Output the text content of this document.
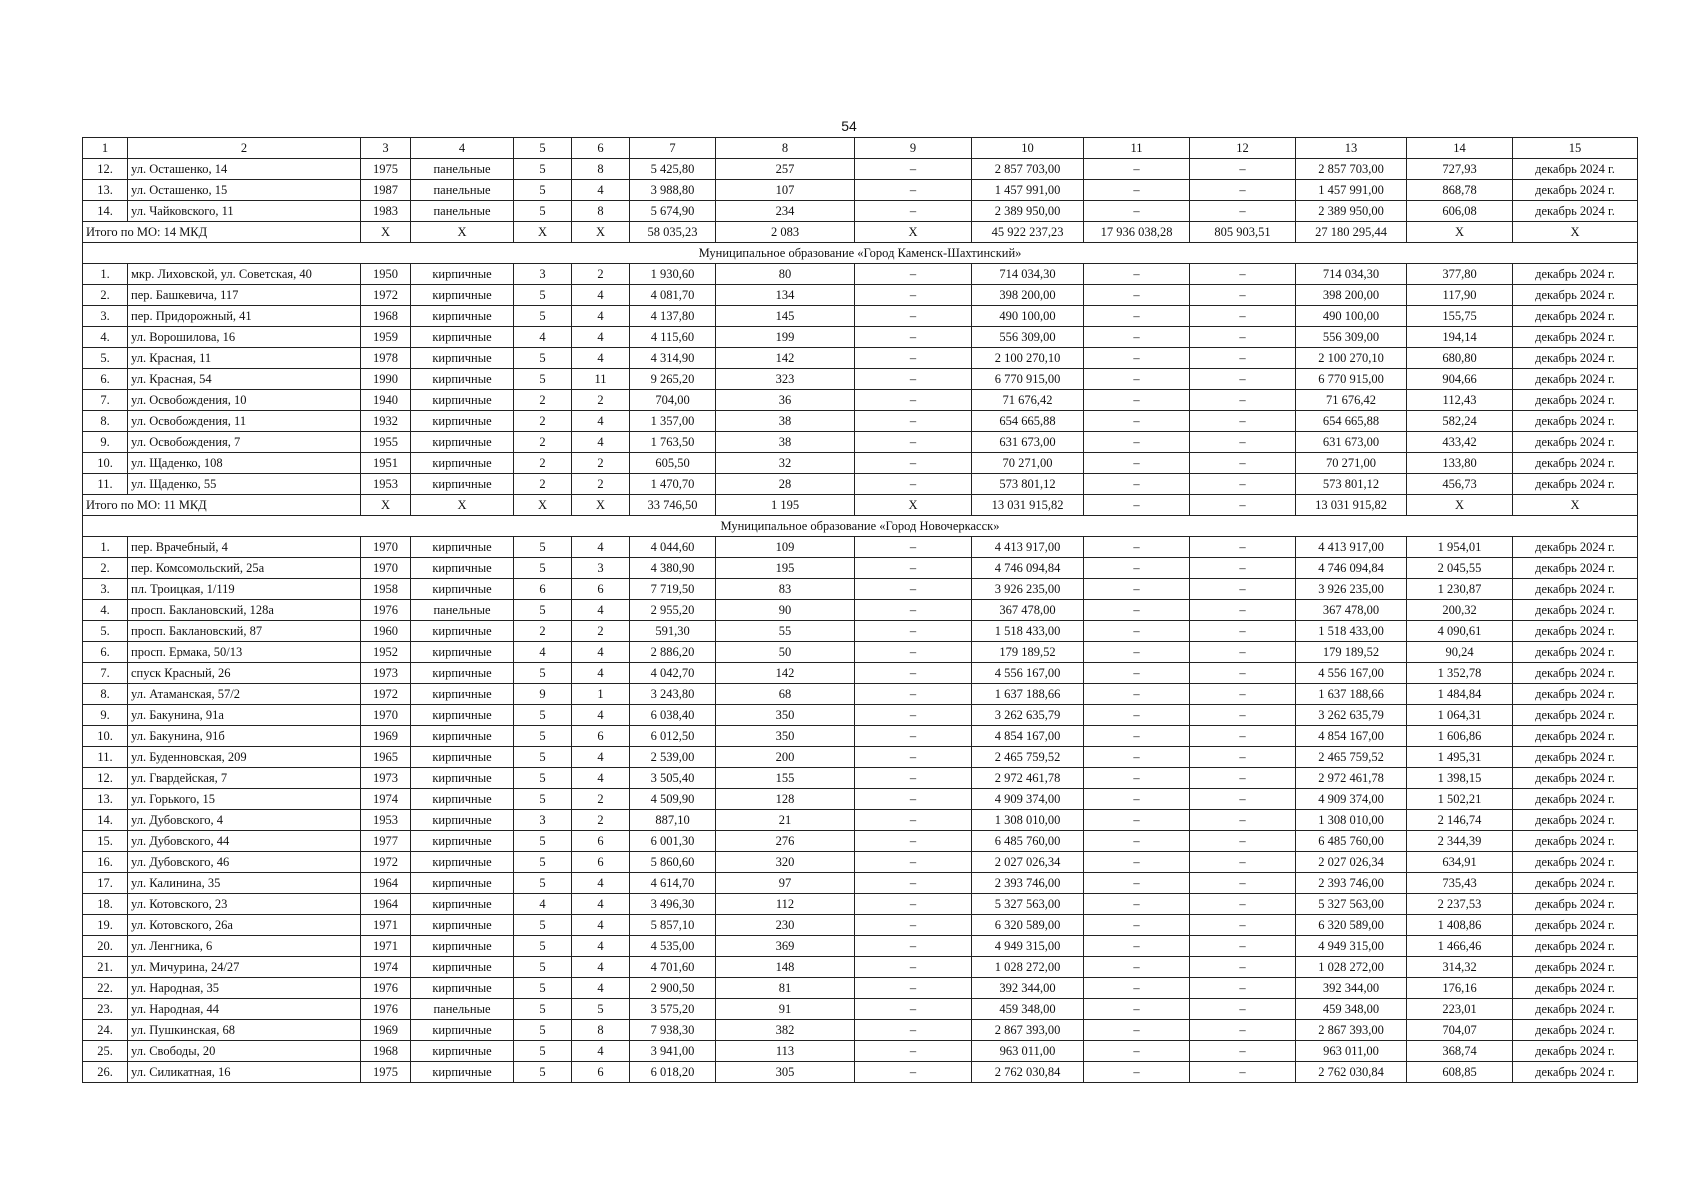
54
1	2	3	4	5	6	7	8	9	10	11	12	13	14	15
12.	ул. Осташенко, 14	1975	панельные	5	8	5 425,80	257	–	2 857 703,00	–	–	2 857 703,00	727,93	декабрь 2024 г.
13.	ул. Осташенко, 15	1987	панельные	5	4	3 988,80	107	–	1 457 991,00	–	–	1 457 991,00	868,78	декабрь 2024 г.
14.	ул. Чайковского, 11	1983	панельные	5	8	5 674,90	234	–	2 389 950,00	–	–	2 389 950,00	606,08	декабрь 2024 г.
Итого по МО: 14 МКД		X	X	X	X	58 035,23	2 083	X	45 922 237,23	17 936 038,28	805 903,51	27 180 295,44	X	X
Муниципальное образование «Город Каменск-Шахтинский»														
1.	мкр. Лиховской, ул. Советская, 40	1950	кирпичные	3	2	1 930,60	80	–	714 034,30	–	–	714 034,30	377,80	декабрь 2024 г.
2.	пер. Башкевича, 117	1972	кирпичные	5	4	4 081,70	134	–	398 200,00	–	–	398 200,00	117,90	декабрь 2024 г.
3.	пер. Придорожный, 41	1968	кирпичные	5	4	4 137,80	145	–	490 100,00	–	–	490 100,00	155,75	декабрь 2024 г.
4.	ул. Ворошилова, 16	1959	кирпичные	4	4	4 115,60	199	–	556 309,00	–	–	556 309,00	194,14	декабрь 2024 г.
5.	ул. Красная, 11	1978	кирпичные	5	4	4 314,90	142	–	2 100 270,10	–	–	2 100 270,10	680,80	декабрь 2024 г.
6.	ул. Красная, 54	1990	кирпичные	5	11	9 265,20	323	–	6 770 915,00	–	–	6 770 915,00	904,66	декабрь 2024 г.
7.	ул. Освобождения, 10	1940	кирпичные	2	2	704,00	36	–	71 676,42	–	–	71 676,42	112,43	декабрь 2024 г.
8.	ул. Освобождения, 11	1932	кирпичные	2	4	1 357,00	38	–	654 665,88	–	–	654 665,88	582,24	декабрь 2024 г.
9.	ул. Освобождения, 7	1955	кирпичные	2	4	1 763,50	38	–	631 673,00	–	–	631 673,00	433,42	декабрь 2024 г.
10.	ул. Щаденко, 108	1951	кирпичные	2	2	605,50	32	–	70 271,00	–	–	70 271,00	133,80	декабрь 2024 г.
11.	ул. Щаденко, 55	1953	кирпичные	2	2	1 470,70	28	–	573 801,12	–	–	573 801,12	456,73	декабрь 2024 г.
Итого по МО: 11 МКД		X	X	X	X	33 746,50	1 195	X	13 031 915,82	–	–	13 031 915,82	X	X
Муниципальное образование «Город Новочеркасск»														
1.	пер. Врачебный, 4	1970	кирпичные	5	4	4 044,60	109	–	4 413 917,00	–	–	4 413 917,00	1 954,01	декабрь 2024 г.
2.	пер. Комсомольский, 25а	1970	кирпичные	5	3	4 380,90	195	–	4 746 094,84	–	–	4 746 094,84	2 045,55	декабрь 2024 г.
3.	пл. Троицкая, 1/119	1958	кирпичные	6	6	7 719,50	83	–	3 926 235,00	–	–	3 926 235,00	1 230,87	декабрь 2024 г.
4.	просп. Баклановский, 128а	1976	панельные	5	4	2 955,20	90	–	367 478,00	–	–	367 478,00	200,32	декабрь 2024 г.
5.	просп. Баклановский, 87	1960	кирпичные	2	2	591,30	55	–	1 518 433,00	–	–	1 518 433,00	4 090,61	декабрь 2024 г.
6.	просп. Ермака, 50/13	1952	кирпичные	4	4	2 886,20	50	–	179 189,52	–	–	179 189,52	90,24	декабрь 2024 г.
7.	спуск Красный, 26	1973	кирпичные	5	4	4 042,70	142	–	4 556 167,00	–	–	4 556 167,00	1 352,78	декабрь 2024 г.
8.	ул. Атаманская, 57/2	1972	кирпичные	9	1	3 243,80	68	–	1 637 188,66	–	–	1 637 188,66	1 484,84	декабрь 2024 г.
9.	ул. Бакунина, 91а	1970	кирпичные	5	4	6 038,40	350	–	3 262 635,79	–	–	3 262 635,79	1 064,31	декабрь 2024 г.
10.	ул. Бакунина, 91б	1969	кирпичные	5	6	6 012,50	350	–	4 854 167,00	–	–	4 854 167,00	1 606,86	декабрь 2024 г.
11.	ул. Буденновская, 209	1965	кирпичные	5	4	2 539,00	200	–	2 465 759,52	–	–	2 465 759,52	1 495,31	декабрь 2024 г.
12.	ул. Гвардейская, 7	1973	кирпичные	5	4	3 505,40	155	–	2 972 461,78	–	–	2 972 461,78	1 398,15	декабрь 2024 г.
13.	ул. Горького, 15	1974	кирпичные	5	2	4 509,90	128	–	4 909 374,00	–	–	4 909 374,00	1 502,21	декабрь 2024 г.
14.	ул. Дубовского, 4	1953	кирпичные	3	2	887,10	21	–	1 308 010,00	–	–	1 308 010,00	2 146,74	декабрь 2024 г.
15.	ул. Дубовского, 44	1977	кирпичные	5	6	6 001,30	276	–	6 485 760,00	–	–	6 485 760,00	2 344,39	декабрь 2024 г.
16.	ул. Дубовского, 46	1972	кирпичные	5	6	5 860,60	320	–	2 027 026,34	–	–	2 027 026,34	634,91	декабрь 2024 г.
17.	ул. Калинина, 35	1964	кирпичные	5	4	4 614,70	97	–	2 393 746,00	–	–	2 393 746,00	735,43	декабрь 2024 г.
18.	ул. Котовского, 23	1964	кирпичные	4	4	3 496,30	112	–	5 327 563,00	–	–	5 327 563,00	2 237,53	декабрь 2024 г.
19.	ул. Котовского, 26а	1971	кирпичные	5	4	5 857,10	230	–	6 320 589,00	–	–	6 320 589,00	1 408,86	декабрь 2024 г.
20.	ул. Ленгника, 6	1971	кирпичные	5	4	4 535,00	369	–	4 949 315,00	–	–	4 949 315,00	1 466,46	декабрь 2024 г.
21.	ул. Мичурина, 24/27	1974	кирпичные	5	4	4 701,60	148	–	1 028 272,00	–	–	1 028 272,00	314,32	декабрь 2024 г.
22.	ул. Народная, 35	1976	кирпичные	5	4	2 900,50	81	–	392 344,00	–	–	392 344,00	176,16	декабрь 2024 г.
23.	ул. Народная, 44	1976	панельные	5	5	3 575,20	91	–	459 348,00	–	–	459 348,00	223,01	декабрь 2024 г.
24.	ул. Пушкинская, 68	1969	кирпичные	5	8	7 938,30	382	–	2 867 393,00	–	–	2 867 393,00	704,07	декабрь 2024 г.
25.	ул. Свободы, 20	1968	кирпичные	5	4	3 941,00	113	–	963 011,00	–	–	963 011,00	368,74	декабрь 2024 г.
26.	ул. Силикатная, 16	1975	кирпичные	5	6	6 018,20	305	–	2 762 030,84	–	–	2 762 030,84	608,85	декабрь 2024 г.
